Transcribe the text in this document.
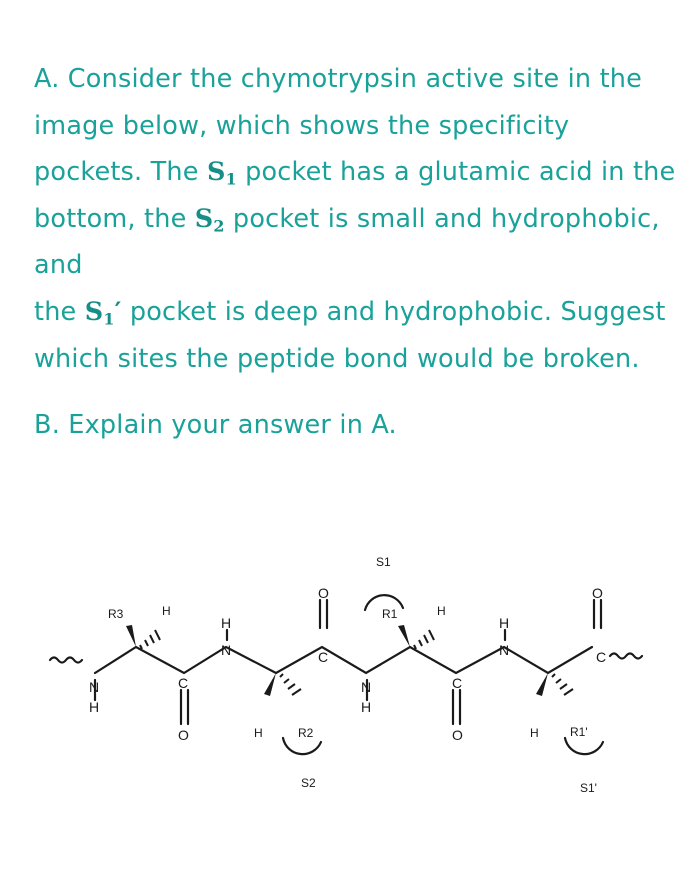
A. Consider the chymotrypsin active site in the image below, which shows the specificity pockets. The $S_1$ pocket has a glutamic acid in the bottom, the $S_2$ pocket is small and hydrophobic, and
the $S_1'$ pocket is deep and hydrophobic. Suggest which sites the peptide bond would be broken.

B. Explain your answer in A.

N
H
C
O
N
H
C
O
N
H
C
O
N
H
C
O
R3	H	R1	H
H	R2	H	R1'
S1
S2	S1'
